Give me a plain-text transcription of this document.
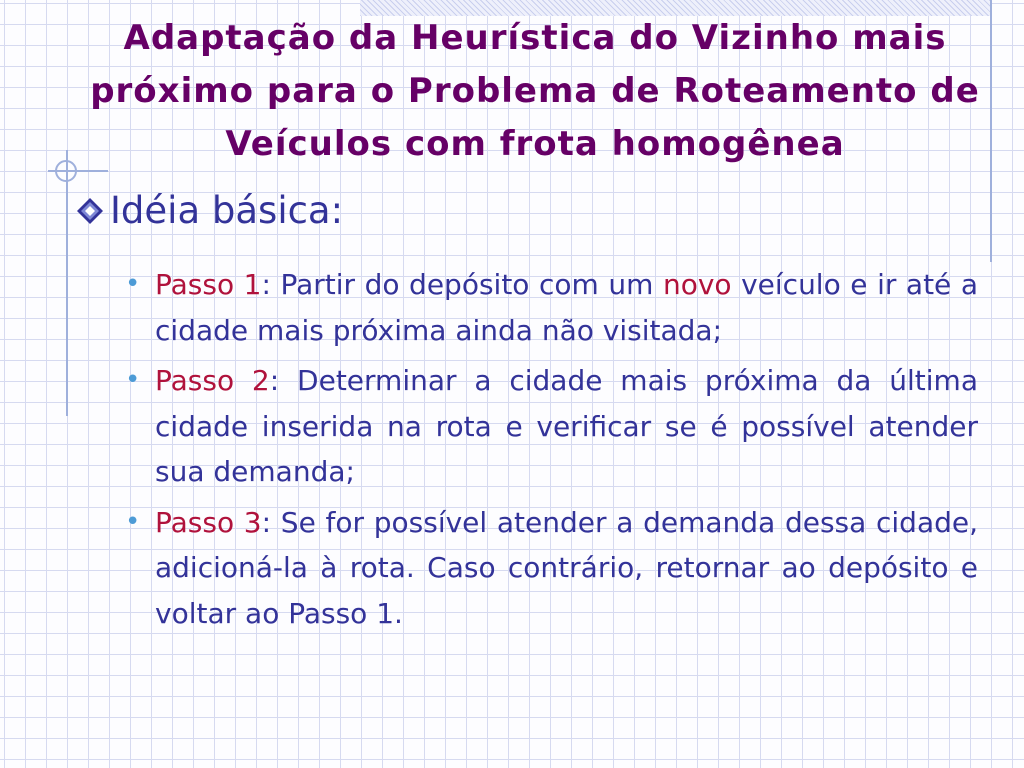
Adaptação da Heurística do Vizinho mais
próximo para o Problema de Roteamento de
Veículos com frota homogênea
Idéia básica:
• Passo 1: Partir do depósito com um novo veículo e ir até a cidade mais próxima ainda não visitada;
• Passo 2: Determinar a cidade mais próxima da última cidade inserida na rota e verificar se é possível atender sua demanda;
• Passo 3: Se for possível atender a demanda dessa cidade, adicioná-la à rota. Caso contrário, retornar ao depósito e voltar ao Passo 1.
